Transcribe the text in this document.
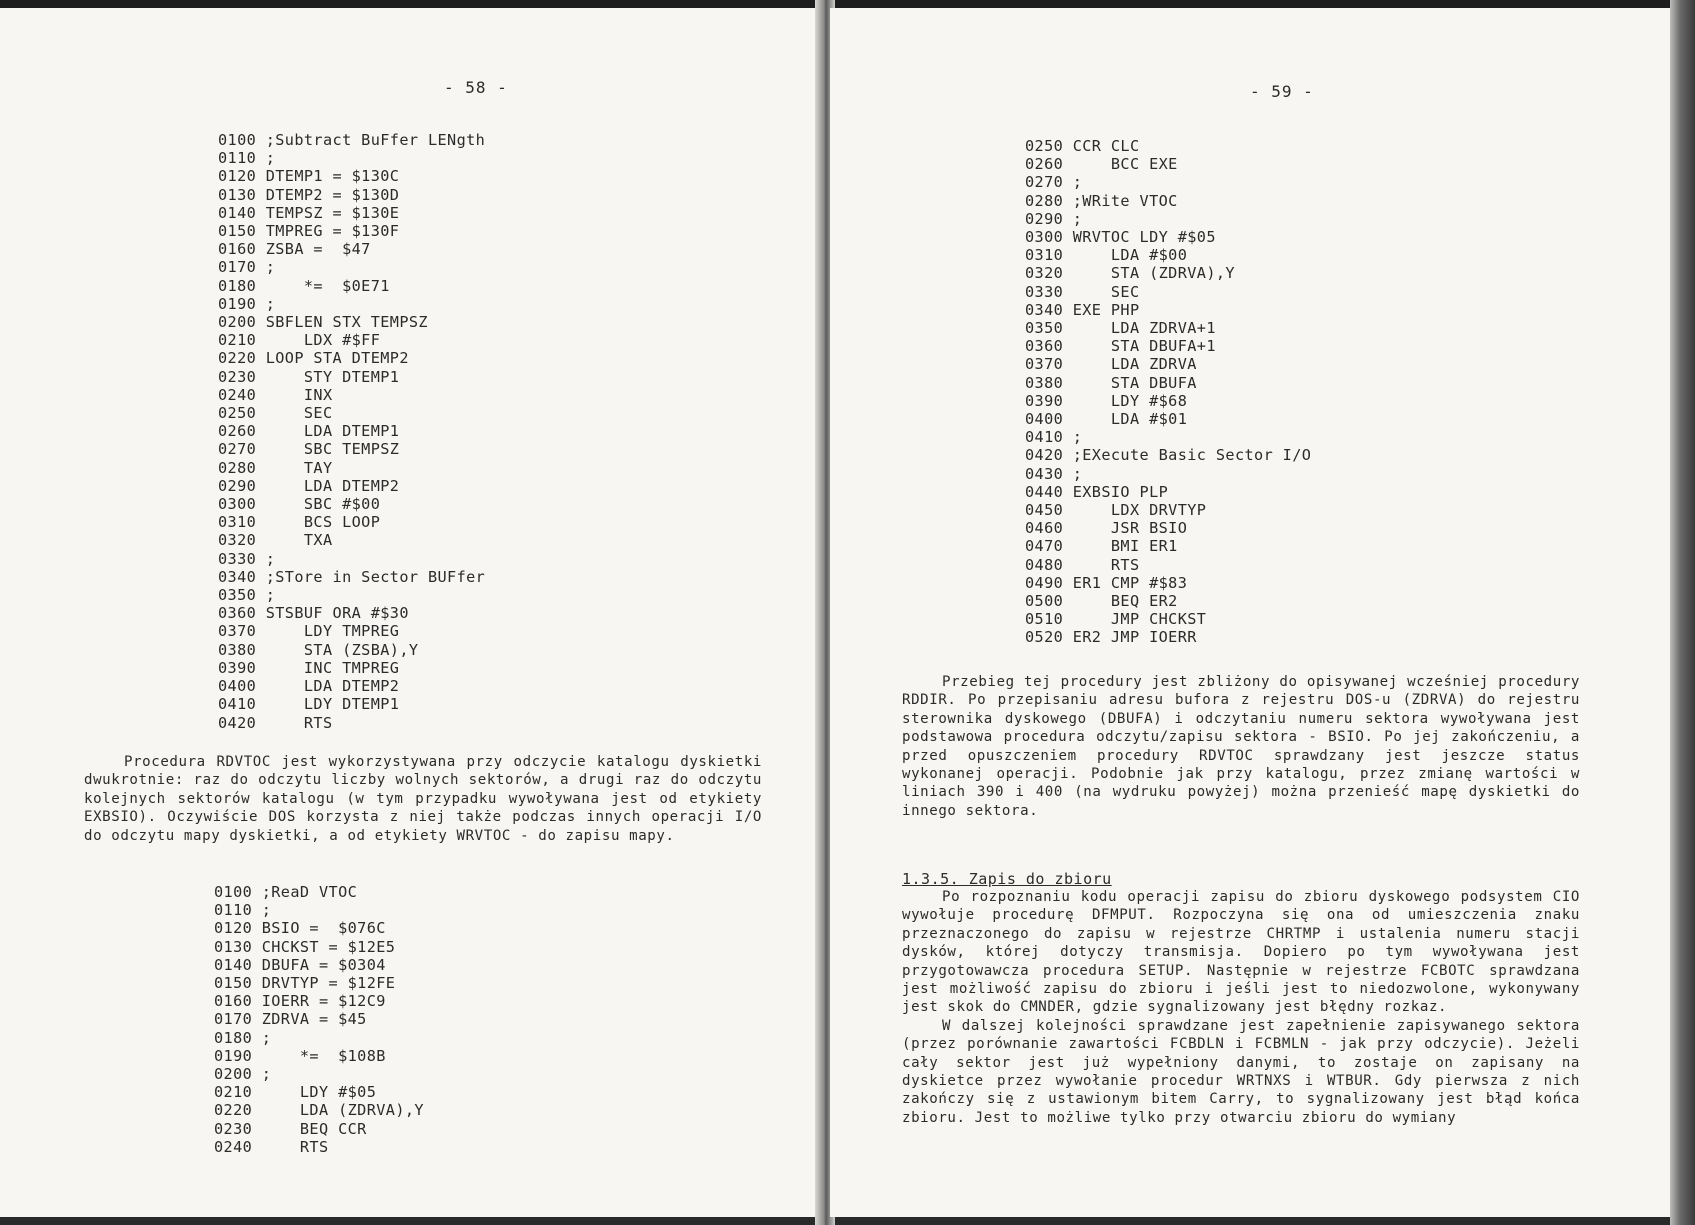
- 58 -
0100 ;Subtract BuFfer LENgth
0110 ;
0120 DTEMP1 = $130C
0130 DTEMP2 = $130D
0140 TEMPSZ = $130E
0150 TMPREG = $130F
0160 ZSBA =  $47
0170 ;
0180     *=  $0E71
0190 ;
0200 SBFLEN STX TEMPSZ
0210     LDX #$FF
0220 LOOP STA DTEMP2
0230     STY DTEMP1
0240     INX
0250     SEC
0260     LDA DTEMP1
0270     SBC TEMPSZ
0280     TAY
0290     LDA DTEMP2
0300     SBC #$00
0310     BCS LOOP
0320     TXA
0330 ;
0340 ;STore in Sector BUFfer
0350 ;
0360 STSBUF ORA #$30
0370     LDY TMPREG
0380     STA (ZSBA),Y
0390     INC TMPREG
0400     LDA DTEMP2
0410     LDY DTEMP1
0420     RTS

Procedura RDVTOC jest wykorzystywana przy odczycie katalogu dyskietki dwukrotnie: raz do odczytu liczby wolnych sektorów, a drugi raz do odczytu kolejnych sektorów katalogu (w tym przypadku wywoływana jest od etykiety EXBSIO). Oczywiście DOS korzysta z niej także podczas innych operacji I/O do odczytu mapy dyskietki, a od etykiety WRVTOC - do zapisu mapy.

0100 ;ReaD VTOC
0110 ;
0120 BSIO =  $076C
0130 CHCKST = $12E5
0140 DBUFA = $0304
0150 DRVTYP = $12FE
0160 IOERR = $12C9
0170 ZDRVA = $45
0180 ;
0190     *=  $108B
0200 ;
0210     LDY #$05
0220     LDA (ZDRVA),Y
0230     BEQ CCR
0240     RTS
- 59 -
0250 CCR CLC
0260     BCC EXE
0270 ;
0280 ;WRite VTOC
0290 ;
0300 WRVTOC LDY #$05
0310     LDA #$00
0320     STA (ZDRVA),Y
0330     SEC
0340 EXE PHP
0350     LDA ZDRVA+1
0360     STA DBUFA+1
0370     LDA ZDRVA
0380     STA DBUFA
0390     LDY #$68
0400     LDA #$01
0410 ;
0420 ;EXecute Basic Sector I/O
0430 ;
0440 EXBSIO PLP
0450     LDX DRVTYP
0460     JSR BSIO
0470     BMI ER1
0480     RTS
0490 ER1 CMP #$83
0500     BEQ ER2
0510     JMP CHCKST
0520 ER2 JMP IOERR

Przebieg tej procedury jest zbliżony do opisywanej wcześniej procedury RDDIR. Po przepisaniu adresu bufora z rejestru DOS-u (ZDRVA) do rejestru sterownika dyskowego (DBUFA) i odczytaniu numeru sektora wywoływana jest podstawowa procedura odczytu/zapisu sektora - BSIO. Po jej zakończeniu, a przed opuszczeniem procedury RDVTOC sprawdzany jest jeszcze status wykonanej operacji. Podobnie jak przy katalogu, przez zmianę wartości w liniach 390 i 400 (na wydruku powyżej) można przenieść mapę dyskietki do innego sektora.

1.3.5. Zapis do zbioru

Po rozpoznaniu kodu operacji zapisu do zbioru dyskowego podsystem CIO wywołuje procedurę DFMPUT. Rozpoczyna się ona od umieszczenia znaku przeznaczonego do zapisu w rejestrze CHRTMP i ustalenia numeru stacji dysków, której dotyczy transmisja. Dopiero po tym wywoływana jest przygotowawcza procedura SETUP. Następnie w rejestrze FCBOTC sprawdzana jest możliwość zapisu do zbioru i jeśli jest to niedozwolone, wykonywany jest skok do CMNDER, gdzie sygnalizowany jest błędny rozkaz.

W dalszej kolejności sprawdzane jest zapełnienie zapisywanego sektora (przez porównanie zawartości FCBDLN i FCBMLN - jak przy odczycie). Jeżeli cały sektor jest już wypełniony danymi, to zostaje on zapisany na dyskietce przez wywołanie procedur WRTNXS i WTBUR. Gdy pierwsza z nich zakończy się z ustawionym bitem Carry, to sygnalizowany jest błąd końca zbioru. Jest to możliwe tylko przy otwarciu zbioru do wymiany
